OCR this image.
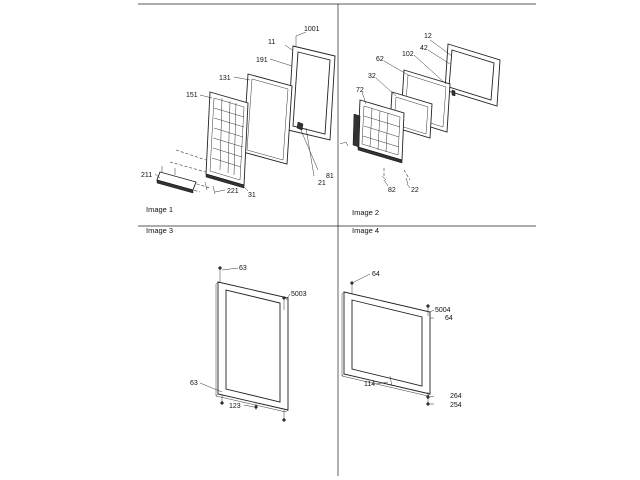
1001
11
191
131
151
81
21
211
221
31
Image 1
12
42
102
62
32
72
82 22
Image 2
Image 3
63
5003
63
123
Image 4
64
5004
64
114
264
254
